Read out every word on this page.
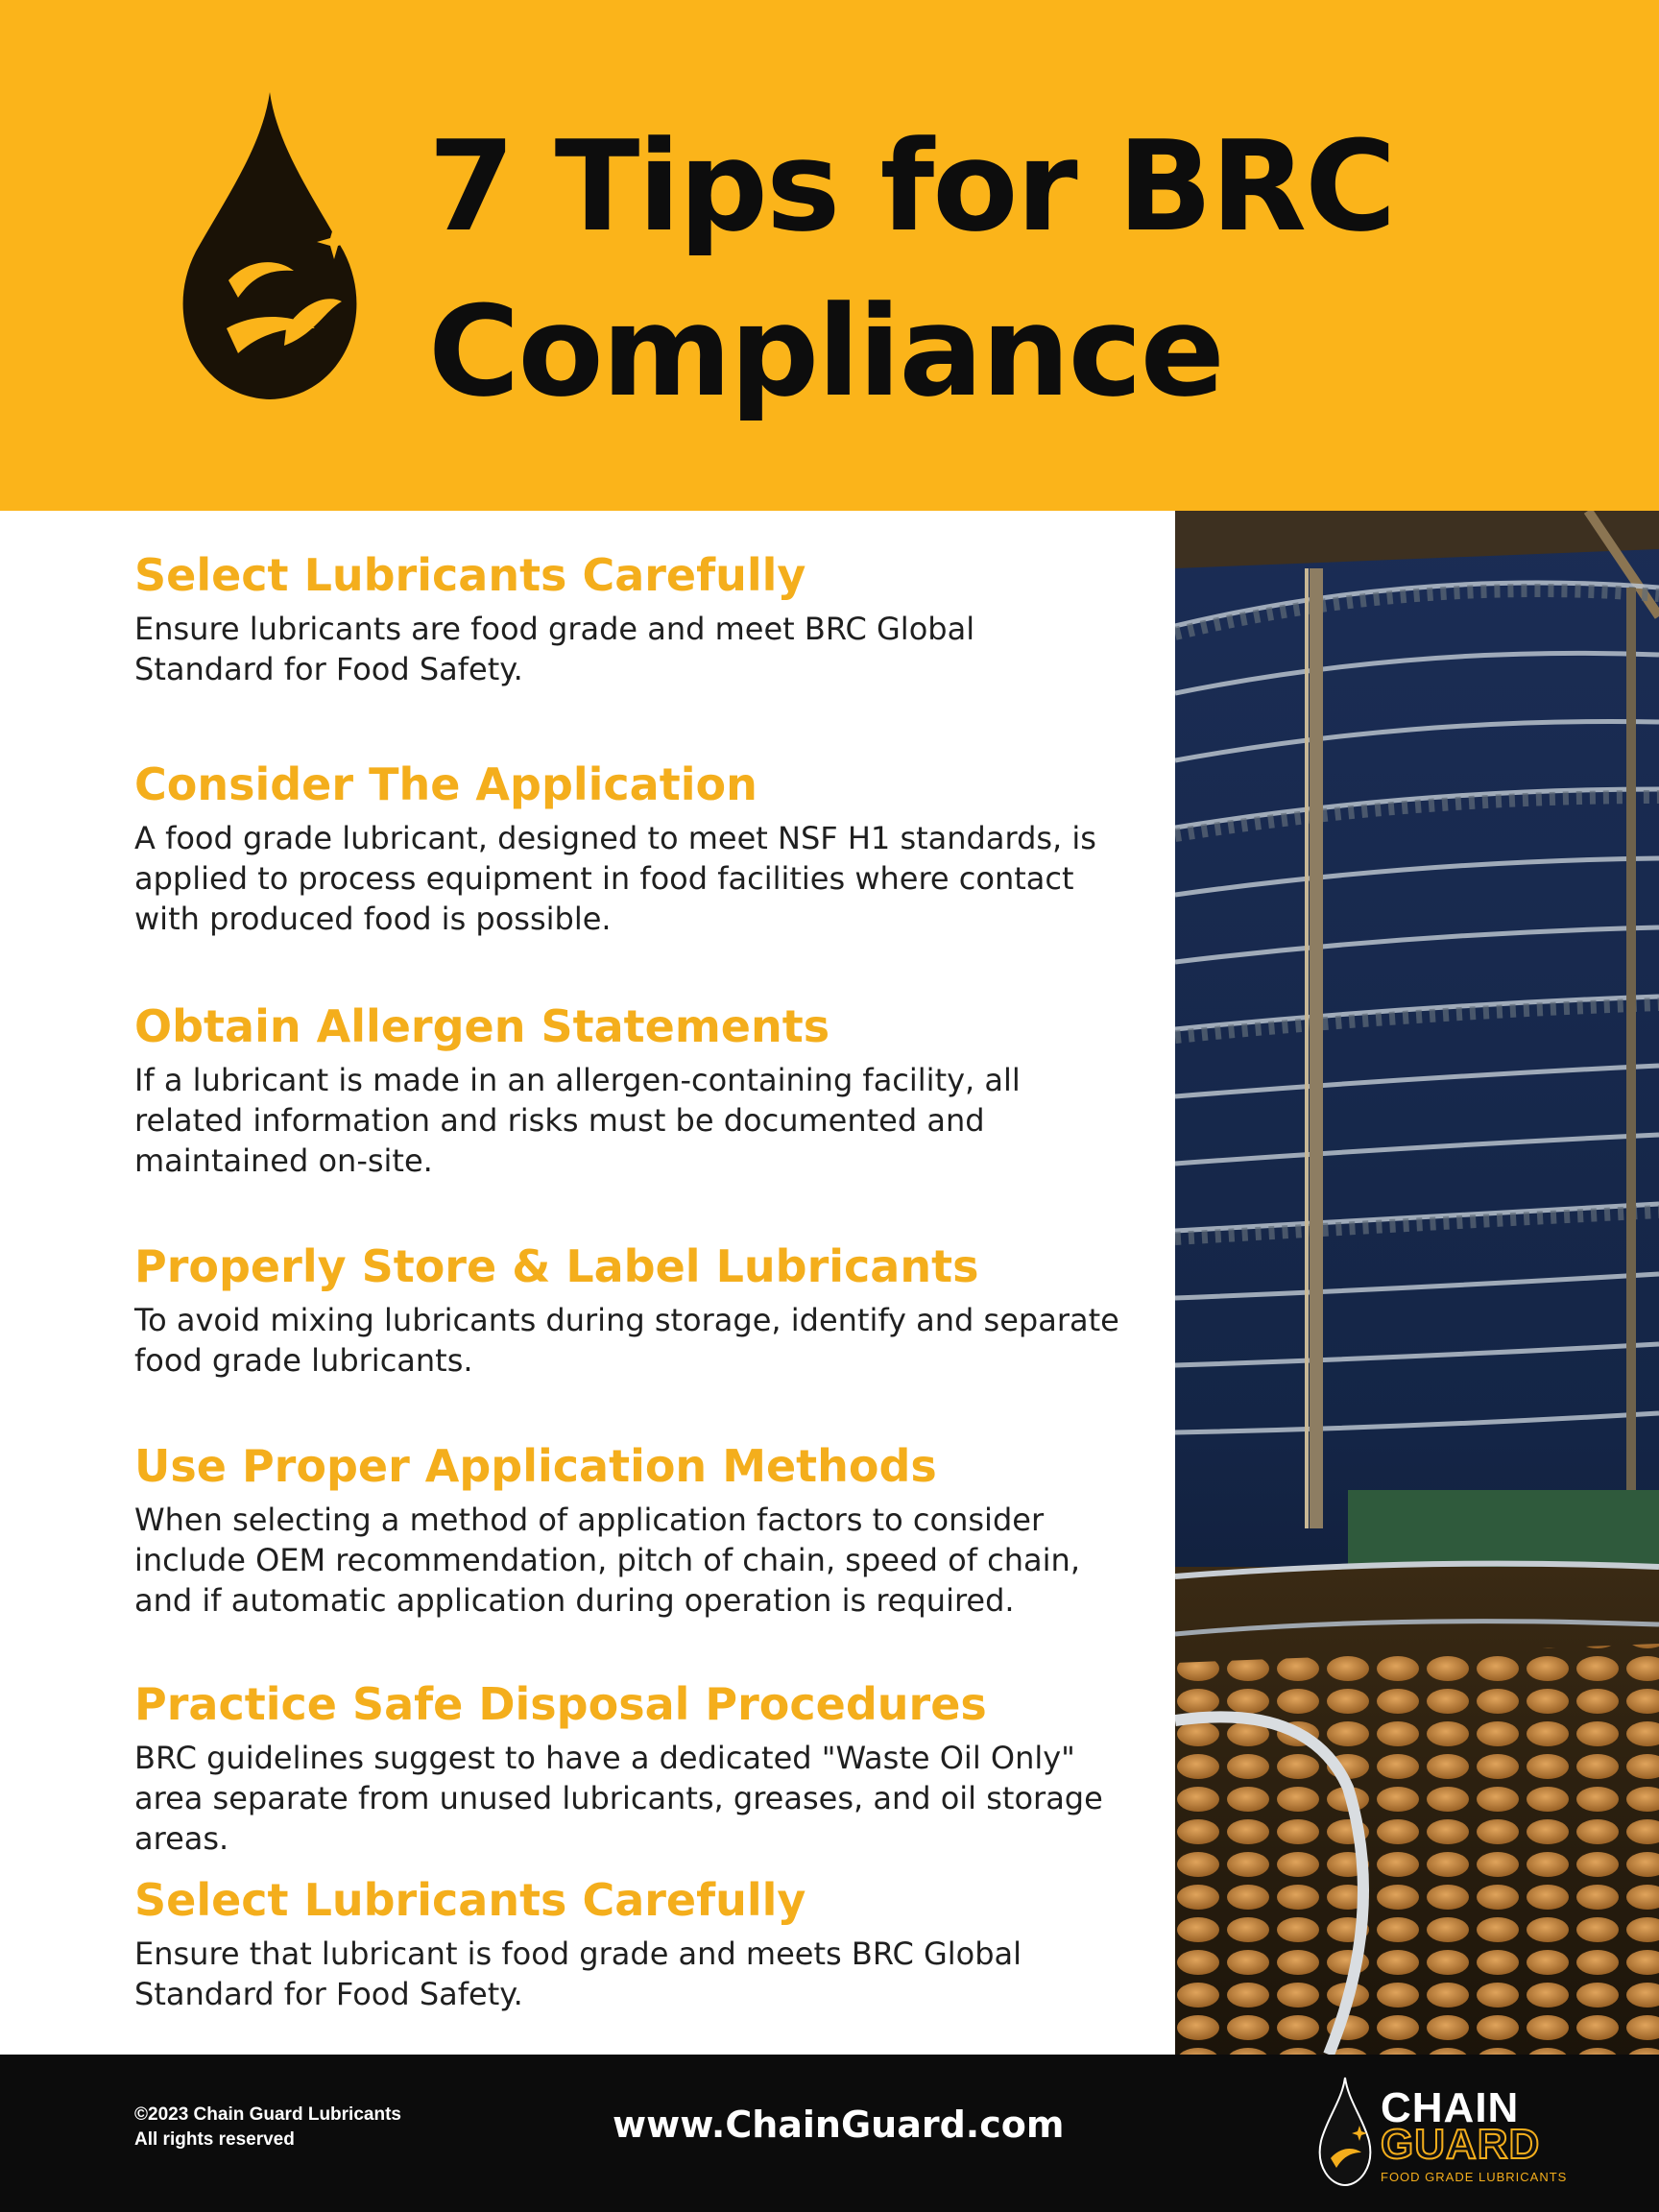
7 Tips for BRC
Compliance
Select Lubricants Carefully

Ensure lubricants are food grade and meet BRC Global Standard for Food Safety.

Consider The Application

A food grade lubricant, designed to meet NSF H1 standards, is applied to process equipment in food facilities where contact with produced food is possible.

Obtain Allergen Statements

If a lubricant is made in an allergen-containing facility, all related information and risks must be documented and maintained on-site.

Properly Store & Label Lubricants

To avoid mixing lubricants during storage, identify and separate food grade lubricants.

Use Proper Application Methods

When selecting a method of application factors to consider include OEM recommendation, pitch of chain, speed of chain, and if automatic application during operation is required.

Practice Safe Disposal Procedures

BRC guidelines suggest to have a dedicated "Waste Oil Only" area separate from unused lubricants, greases, and oil storage areas.

Select Lubricants Carefully

Ensure that lubricant is food grade and meets BRC Global Standard for Food Safety.

©2023 Chain Guard Lubricants
All rights reserved	www.ChainGuard.com	CHAIN
GUARD
FOOD GRADE LUBRICANTS
